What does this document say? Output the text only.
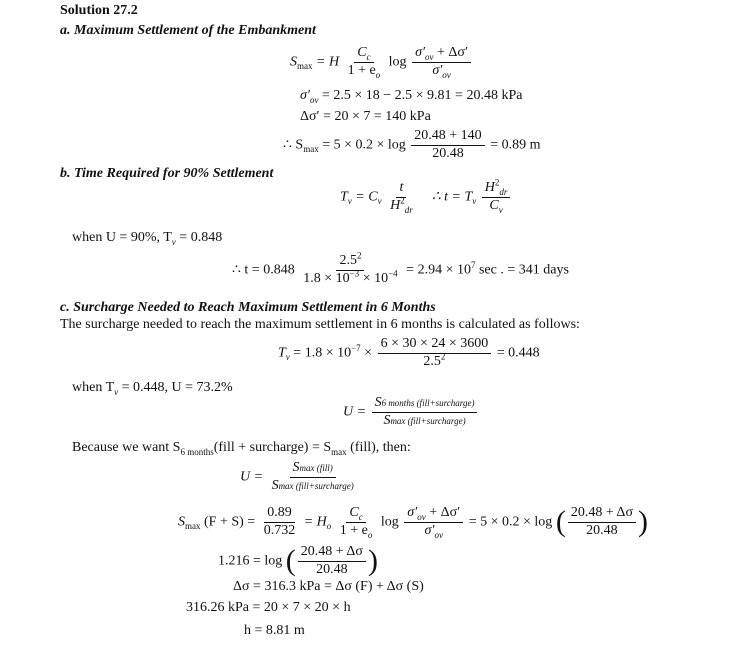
Solution 27.2
a. Maximum Settlement of the Embankment
$S_{max} = H \frac{C_c}{1 + e_o}$ $\log \frac{\sigma'_{ov} + \Delta\sigma'}{\sigma'_{ov}}$
$\sigma'_{ov} = 2.5 \times 18 - 2.5 \times 9.81 = 20.48$ kPa
Δσ′ = 20 × 7 = 140 kPa
∴ $S_{max} = 5 \times 0.2 \times \log \frac{20.48 + 140}{20.48} = 0.89$ m
b. Time Required for 90% Settlement
$T_v = C_v \frac{t}{H^2_{dr}}$ ∴ $t = T_v \frac{H^2_{dr}}{C_v}$
when U = 90%, $T_v = 0.848$
∴ $t = 0.848 \frac{2.5^2}{1.8 \times 10^{-3} \times 10^{-4}} = 2.94 \times 10^7$ sec . = 341 days
c. Surcharge Needed to Reach Maximum Settlement in 6 Months
The surcharge needed to reach the maximum settlement in 6 months is calculated as follows:
$T_v = 1.8 \times 10^{-7} \times \frac{6 \times 30 \times 24 \times 3600}{2.5^2} = 0.448$
when $T_v = 0.448$, U = 73.2%
$U = \frac{\text{S6 months (fill+surcharge)}}{\text{Smax (fill+surcharge)}}$
Because we want $S_{6 months}(fill$ + surcharge) = $S_{max}$ (fill), then:
$U = \frac{\text{Smax (fill)}}{\text{Smax (fill+surcharge)}}$
$S_{max}$ $(F + S) = \frac{0.89}{0.732} = H_o \frac{C_c}{1 + e_o}$ $\log \frac{\sigma'_{ov} + \Delta\sigma'}{\sigma'_{ov}} = 5 \times 0.2 \times \log$ ( $\frac{20.48 + \Delta\sigma}{20.48}$ )
1.216 = log ( $\frac{20.48 + \Delta\sigma}{20.48}$ )
Δσ = 316.3 kPa = Δσ (F) + Δσ (S)
316.26 kPa = 20 × 7 × 20 × h
h = 8.81 m
